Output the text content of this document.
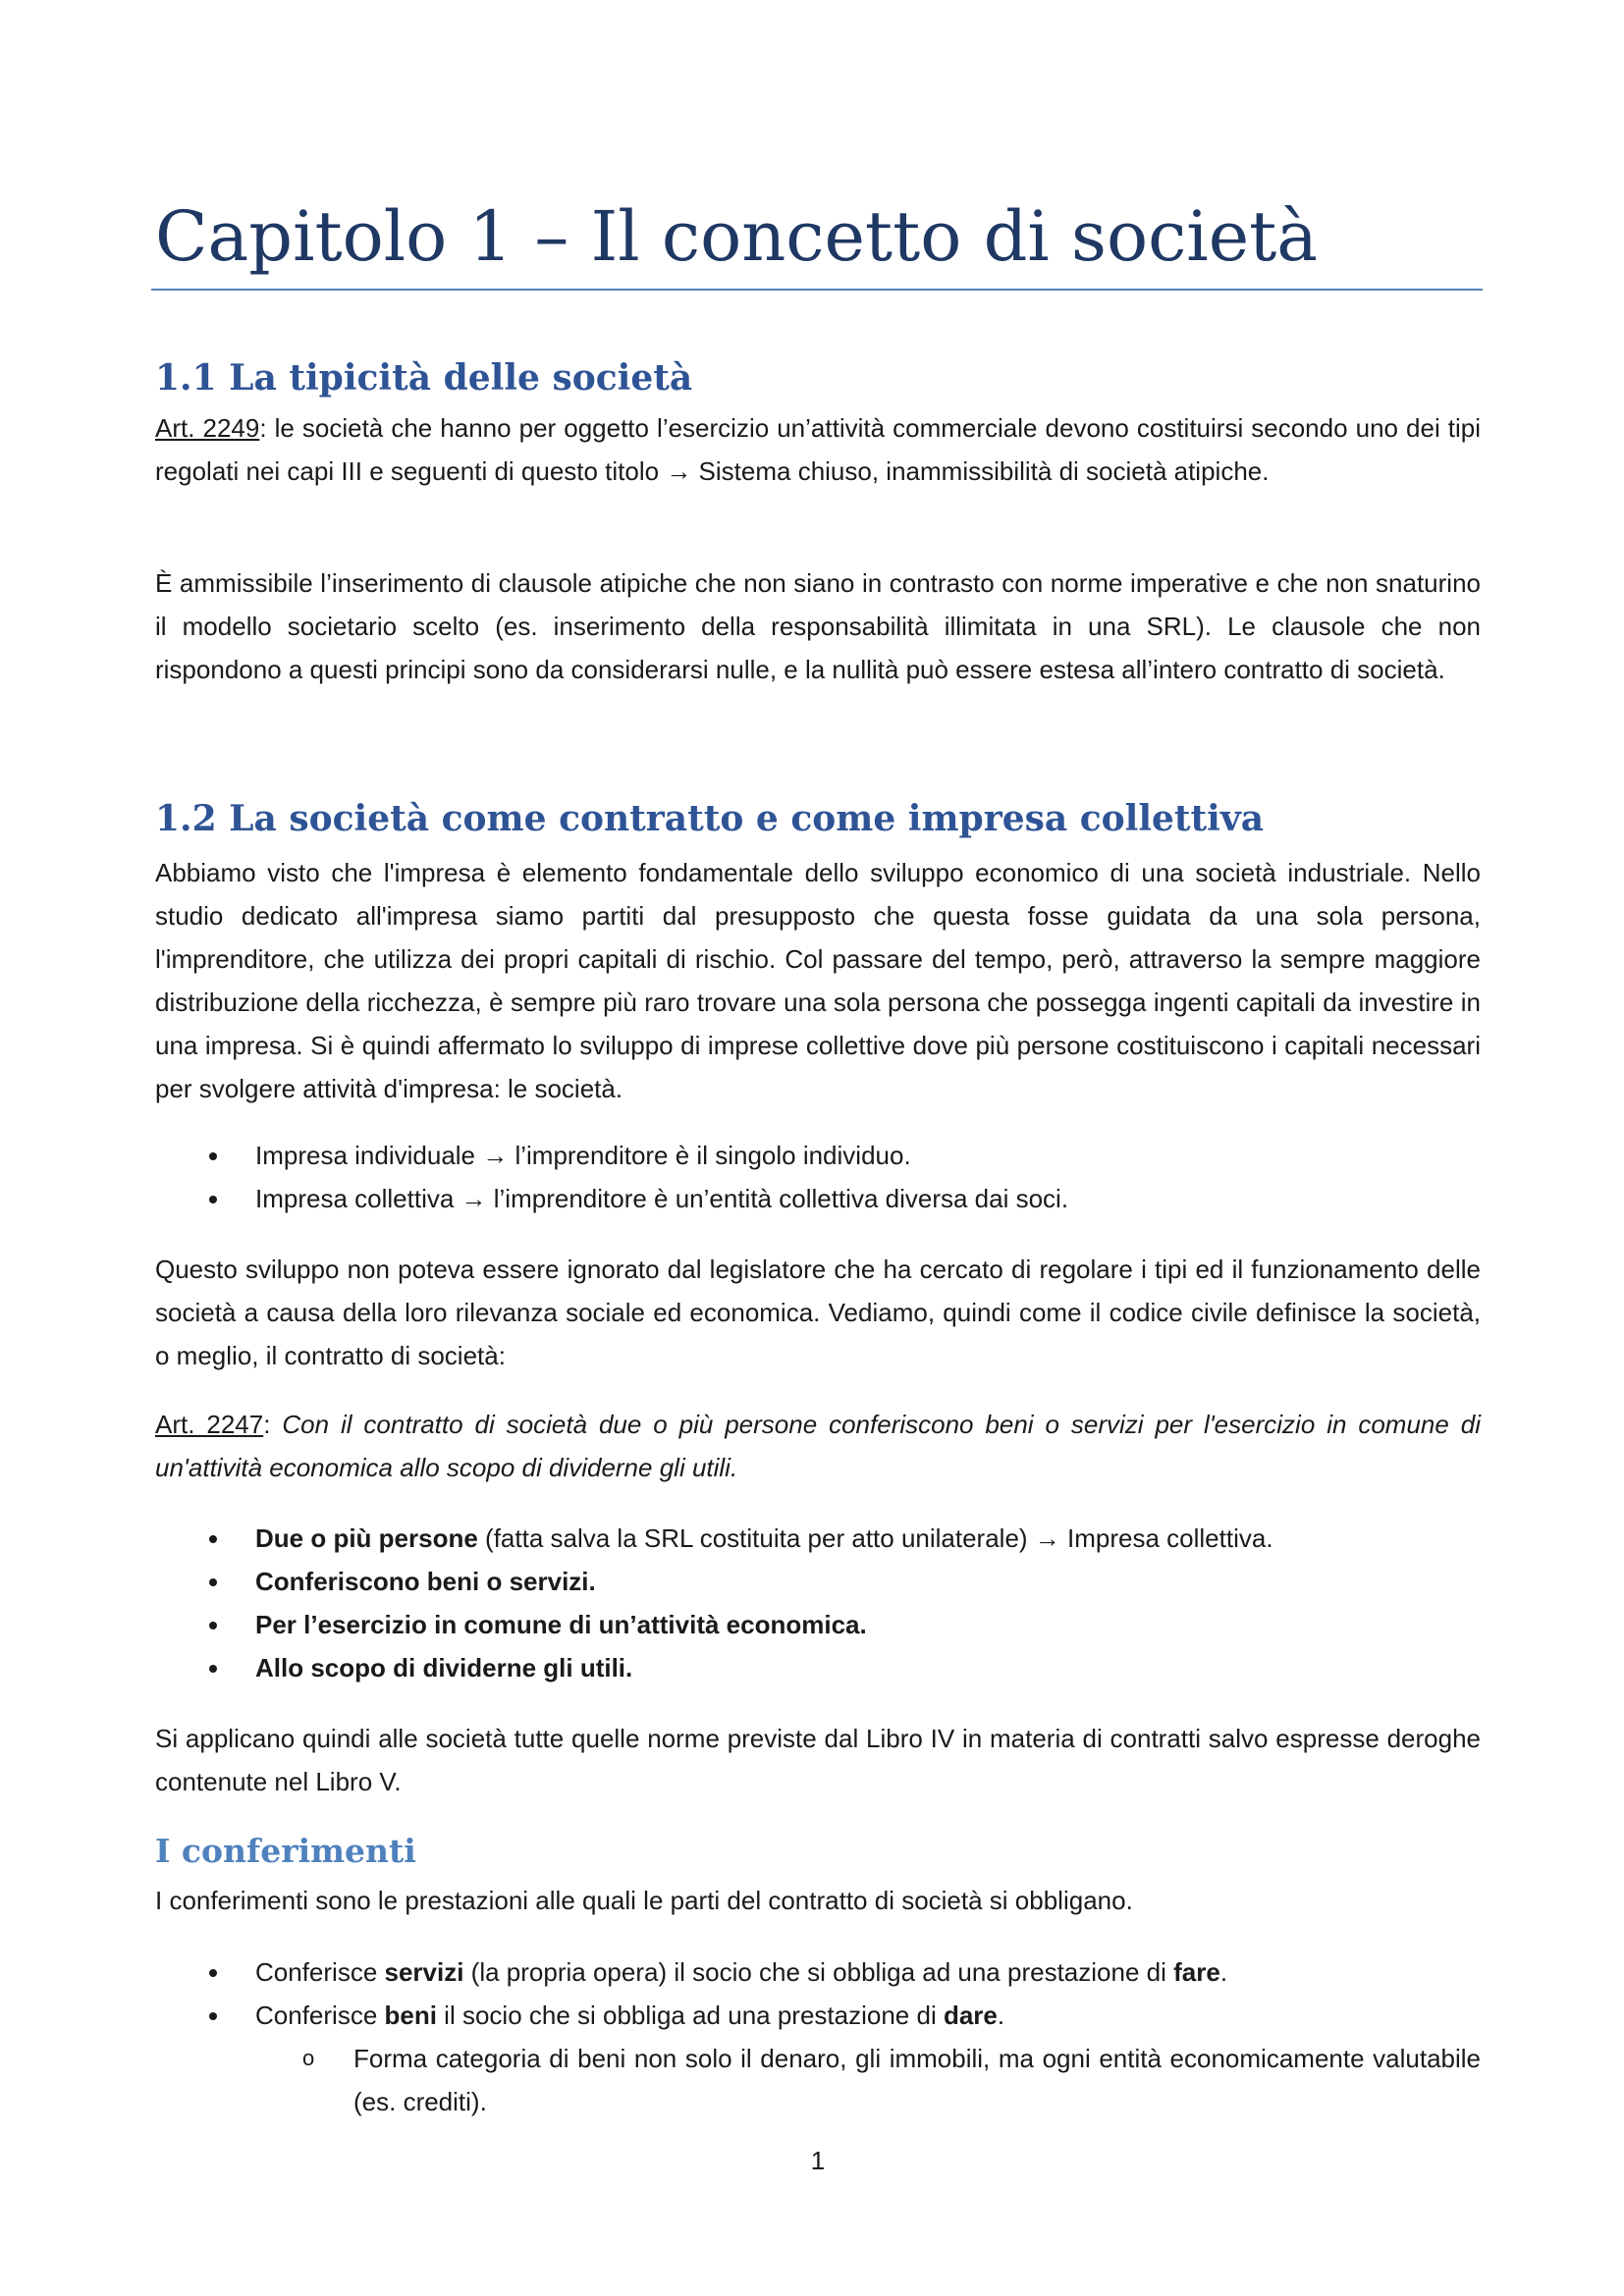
Capitolo 1 – Il concetto di società
1.1 La tipicità delle società

Art. 2249: le società che hanno per oggetto l’esercizio un’attività commerciale devono costituirsi secondo uno dei tipi regolati nei capi III e seguenti di questo titolo → Sistema chiuso, inammissibilità di società atipiche.

È ammissibile l’inserimento di clausole atipiche che non siano in contrasto con norme imperative e che non snaturino il modello societario scelto (es. inserimento della responsabilità illimitata in una SRL). Le clausole che non rispondono a questi principi sono da considerarsi nulle, e la nullità può essere estesa all’intero contratto di società.

1.2 La società come contratto e come impresa collettiva

Abbiamo visto che l'impresa è elemento fondamentale dello sviluppo economico di una società industriale. Nello studio dedicato all'impresa siamo partiti dal presupposto che questa fosse guidata da una sola persona, l'imprenditore, che utilizza dei propri capitali di rischio. Col passare del tempo, però, attraverso la sempre maggiore distribuzione della ricchezza, è sempre più raro trovare una sola persona che possegga ingenti capitali da investire in una impresa. Si è quindi affermato lo sviluppo di imprese collettive dove più persone costituiscono i capitali necessari per svolgere attività d'impresa: le società.

Impresa individuale → l’imprenditore è il singolo individuo.
Impresa collettiva → l’imprenditore è un’entità collettiva diversa dai soci.

Questo sviluppo non poteva essere ignorato dal legislatore che ha cercato di regolare i tipi ed il funzionamento delle società a causa della loro rilevanza sociale ed economica. Vediamo, quindi come il codice civile definisce la società, o meglio, il contratto di società:

Art. 2247: Con il contratto di società due o più persone conferiscono beni o servizi per l'esercizio in comune di un'attività economica allo scopo di dividerne gli utili.

Due o più persone (fatta salva la SRL costituita per atto unilaterale) → Impresa collettiva.
Conferiscono beni o servizi.
Per l’esercizio in comune di un’attività economica.
Allo scopo di dividerne gli utili.

Si applicano quindi alle società tutte quelle norme previste dal Libro IV in materia di contratti salvo espresse deroghe contenute nel Libro V.

I conferimenti

I conferimenti sono le prestazioni alle quali le parti del contratto di società si obbligano.

Conferisce servizi (la propria opera) il socio che si obbliga ad una prestazione di fare.
Conferisce beni il socio che si obbliga ad una prestazione di dare.
o Forma categoria di beni non solo il denaro, gli immobili, ma ogni entità economicamente valutabile (es. crediti).
1
